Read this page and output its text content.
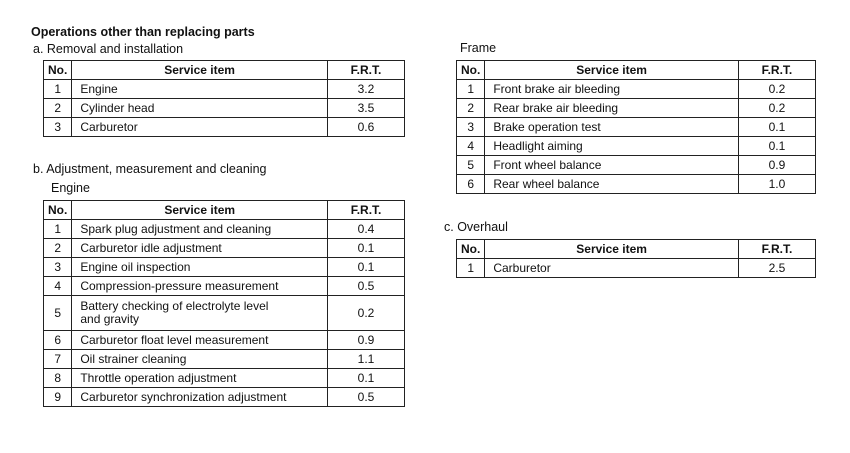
Operations other than replacing parts
a. Removal and installation
No.	Service item	F.R.T.
1	Engine	3.2
2	Cylinder head	3.5
3	Carburetor	0.6
b. Adjustment, measurement and cleaning
Engine
No.	Service item	F.R.T.
1	Spark plug adjustment and cleaning	0.4
2	Carburetor idle adjustment	0.1
3	Engine oil inspection	0.1
4	Compression-pressure measurement	0.5
5	Battery checking of electrolyte level and gravity	0.2
6	Carburetor float level measurement	0.9
7	Oil strainer cleaning	1.1
8	Throttle operation adjustment	0.1
9	Carburetor synchronization adjustment	0.5
Frame
No.	Service item	F.R.T.
1	Front brake air bleeding	0.2
2	Rear brake air bleeding	0.2
3	Brake operation test	0.1
4	Headlight aiming	0.1
5	Front wheel balance	0.9
6	Rear wheel balance	1.0
c. Overhaul
No.	Service item	F.R.T.
1	Carburetor	2.5
